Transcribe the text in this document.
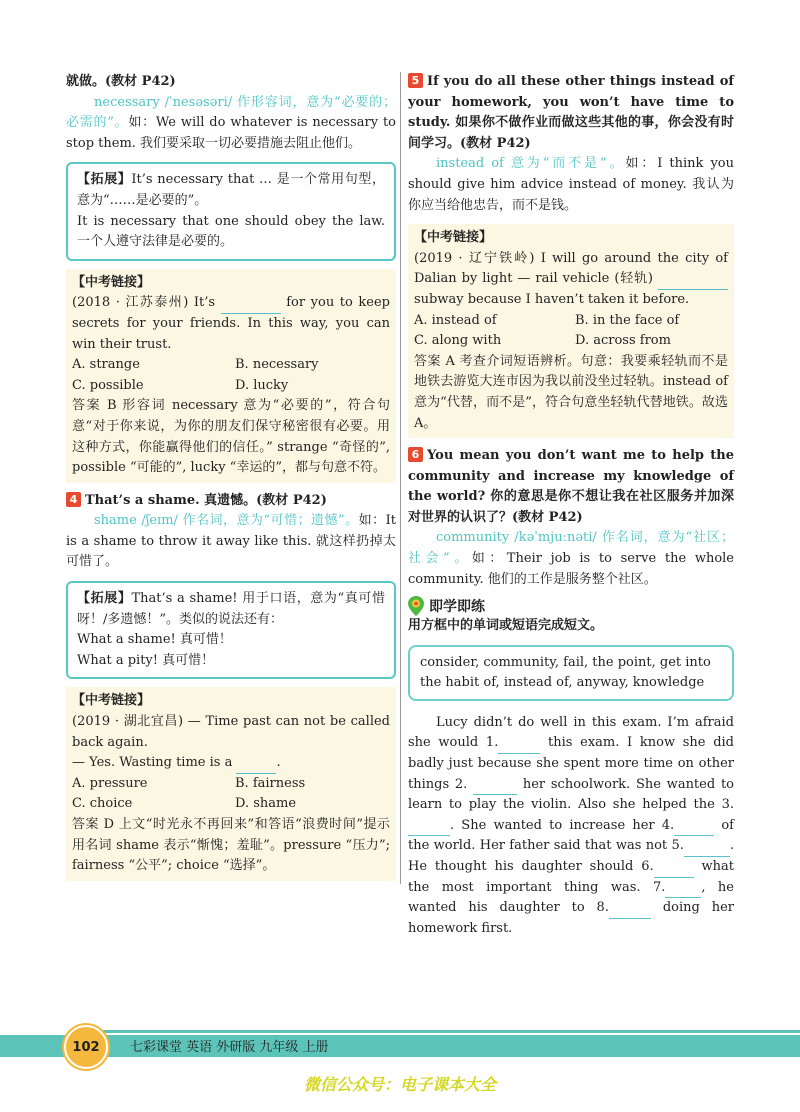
就做。(教材 P42)

necessary /ˈnesəsəri/ 作形容词，意为“必要的；必需的”。如：We will do whatever is necessary to stop them. 我们要采取一切必要措施去阻止他们。

【拓展】It’s necessary that … 是一个常用句型，意为“……是必要的”。

It is necessary that one should obey the law. 一个人遵守法律是必要的。

【中考链接】

(2018 · 江苏泰州) It’s	for you to keep secrets for your friends. In this way, you can win their trust.

A. strange	B. necessary

C. possible	D. lucky

答案 B 形容词 necessary 意为“必要的”，符合句意“对于你来说，为你的朋友们保守秘密很有必要。用这种方式，你能赢得他们的信任。” strange “奇怪的”, possible “可能的”, lucky “幸运的”，都与句意不符。

4 That’s a shame. 真遗憾。(教材 P42)

shame /ʃeɪm/ 作名词，意为“可惜；遗憾”。如：It is a shame to throw it away like this. 就这样扔掉太可惜了。

【拓展】That’s a shame! 用于口语，意为“真可惜呀！/多遗憾！”。类似的说法还有：

What a shame! 真可惜！

What a pity! 真可惜！

【中考链接】

(2019 · 湖北宜昌) — Time past can not be called back again.

— Yes. Wasting time is a	.

A. pressure	B. fairness

C. choice	D. shame

答案 D 上文“时光永不再回来”和答语“浪费时间”提示用名词 shame 表示“惭愧；羞耻”。pressure “压力”; fairness “公平”; choice “选择”。

5 If you do all these other things instead of your homework, you won’t have time to study. 如果你不做作业而做这些其他的事，你会没有时间学习。(教材 P42)

instead of 意为“而不是”。如：I think you should give him advice instead of money. 我认为你应当给他忠告，而不是钱。

【中考链接】

(2019 · 辽宁铁岭) I will go around the city of Dalian by light — rail vehicle (轻轨)  subway because I haven’t taken it before.

A. instead of	B. in the face of

C. along with	D. across from

答案 A 考查介词短语辨析。句意：我要乘轻轨而不是地铁去游览大连市因为我以前没坐过轻轨。instead of 意为“代替，而不是”，符合句意坐轻轨代替地铁。故选 A。

6 You mean you don’t want me to help the community and increase my knowledge of the world? 你的意思是你不想让我在社区服务并加深对世界的认识了？(教材 P42)

community /kəˈmjuːnəti/ 作名词，意为“社区；社会”。如：Their job is to serve the whole community. 他们的工作是服务整个社区。

即学即练

用方框中的单词或短语完成短文。

consider, community, fail, the point, get into the habit of, instead of, anyway, knowledge

Lucy didn’t do well in this exam. I’m afraid she would 1.	this exam. I know she did badly just because she spent more time on other things 2.	her schoolwork. She wanted to learn to play the violin. Also she helped the 3.. She wanted to increase her 4.	of the world. Her father said that was not 5.	. He thought his daughter should 6.	what the most important thing was. 7.	, he wanted his daughter to 8.	doing her homework first.

102 七彩课堂 英语 外研版 九年级 上册
微信公众号：电子课本大全
